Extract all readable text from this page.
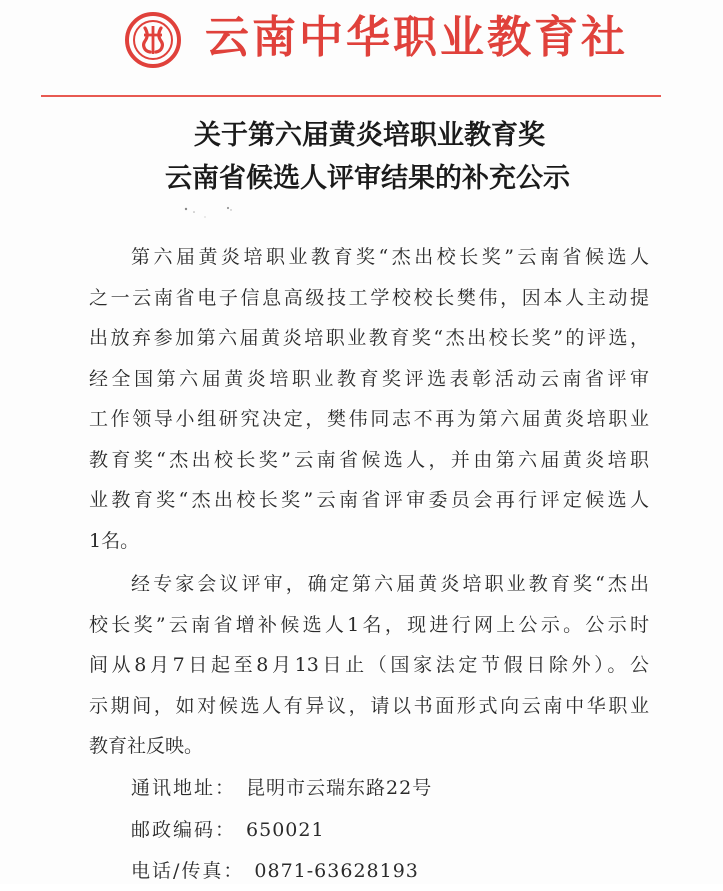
云南中华职业教育社
关于第六届黄炎培职业教育奖
云南省候选人评审结果的补充公示
第六届黄炎培职业教育奖“杰出校长奖”云南省候选人
之一云南省电子信息高级技工学校校长樊伟，因本人主动提
出放弃参加第六届黄炎培职业教育奖“杰出校长奖”的评选，
经全国第六届黄炎培职业教育奖评选表彰活动云南省评审
工作领导小组研究决定，樊伟同志不再为第六届黄炎培职业
教育奖“杰出校长奖”云南省候选人，并由第六届黄炎培职
业教育奖“杰出校长奖”云南省评审委员会再行评定候选人
1名。
经专家会议评审，确定第六届黄炎培职业教育奖“杰出
校长奖”云南省增补候选人1名，现进行网上公示。公示时
间从8月7日起至8月13日止（国家法定节假日除外）。公
示期间，如对候选人有异议，请以书面形式向云南中华职业
教育社反映。
通讯地址： 昆明市云瑞东路22号
邮政编码： 650021
电话/传真： 0871-63628193
